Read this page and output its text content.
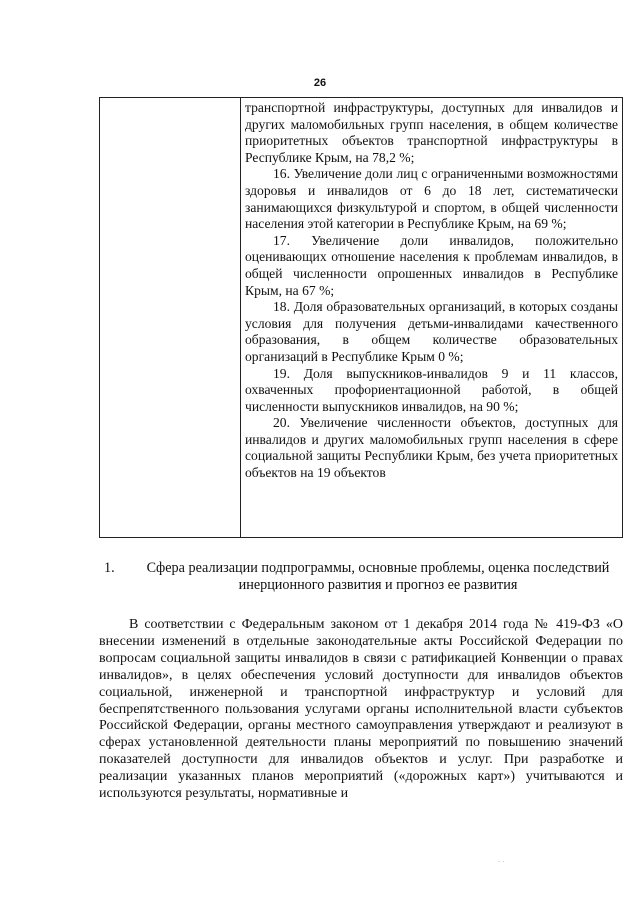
26

транспортной инфраструктуры, доступных для инвалидов и других маломобильных групп населения, в общем количестве приоритетных объектов транспортной инфраструктуры в Республике Крым, на 78,2 %;

16. Увеличение доли лиц с ограниченными возможностями здоровья и инвалидов от 6 до 18 лет, систематически занимающихся физкультурой и спортом, в общей численности населения этой категории в Республике Крым, на 69 %;

17. Увеличение доли инвалидов, положительно оценивающих отношение населения к проблемам инвалидов, в общей численности опрошенных инвалидов в Республике Крым, на 67 %;

18. Доля образовательных организаций, в которых созданы условия для получения детьми-инвалидами качественного образования, в общем количестве образовательных организаций в Республике Крым 0 %;

19. Доля выпускников-инвалидов 9 и 11 классов, охваченных профориентационной работой, в общей численности выпускников инвалидов, на 90 %;

20. Увеличение численности объектов, доступных для инвалидов и других маломобильных групп населения в сфере социальной защиты Республики Крым, без учета приоритетных объектов на 19 объектов

1.	Сфера реализации подпрограммы, основные проблемы, оценка последствий инерционного развития и прогноз ее развития

В соответствии с Федеральным законом от 1 декабря 2014 года № 419-ФЗ «О внесении изменений в отдельные законодательные акты Российской Федерации по вопросам социальной защиты инвалидов в связи с ратификацией Конвенции о правах инвалидов», в целях обеспечения условий доступности для инвалидов объектов социальной, инженерной и транспортной инфраструктур и условий для беспрепятственного пользования услугами органы исполнительной власти субъектов Российской Федерации, органы местного самоуправления утверждают и реализуют в сферах установленной деятельности планы мероприятий по повышению значений показателей доступности для инвалидов объектов и услуг. При разработке и реализации указанных планов мероприятий («дорожных карт») учитываются и используются результаты, нормативные и

· ·
